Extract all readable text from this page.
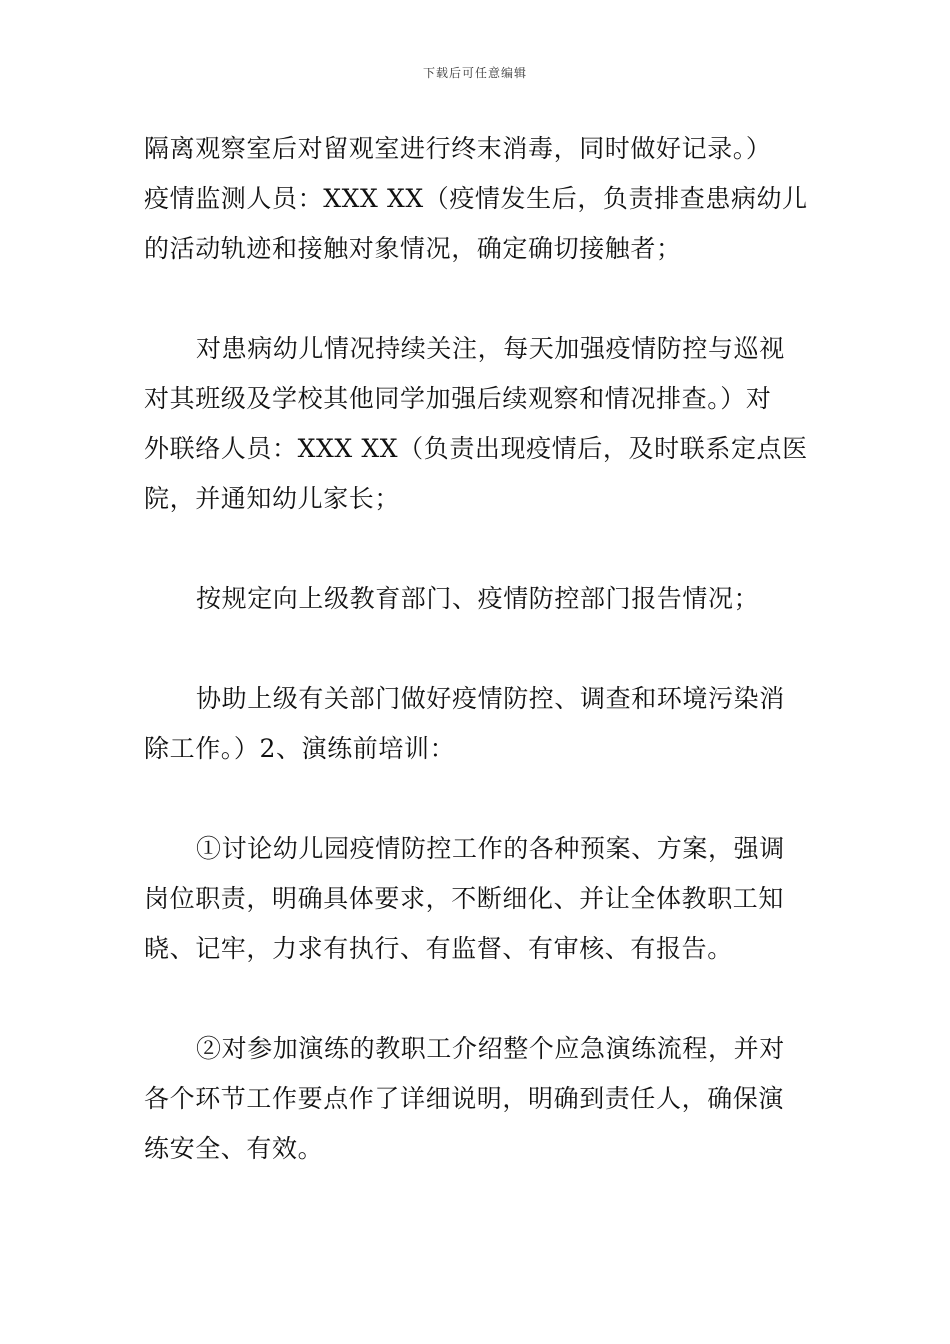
下载后可任意编辑
隔离观察室后对留观室进行终末消毒，同时做好记录。）
疫情监测人员：XXX XX（疫情发生后，负责排查患病幼儿
的活动轨迹和接触对象情况，确定确切接触者；
对患病幼儿情况持续关注，每天加强疫情防控与巡视
对其班级及学校其他同学加强后续观察和情况排查。）对
外联络人员：XXX XX（负责出现疫情后，及时联系定点医
院，并通知幼儿家长；
按规定向上级教育部门、疫情防控部门报告情况；
协助上级有关部门做好疫情防控、调查和环境污染消
除工作。）2、演练前培训：
①讨论幼儿园疫情防控工作的各种预案、方案，强调
岗位职责，明确具体要求，不断细化、并让全体教职工知
晓、记牢，力求有执行、有监督、有审核、有报告。
②对参加演练的教职工介绍整个应急演练流程，并对
各个环节工作要点作了详细说明，明确到责任人，确保演
练安全、有效。
